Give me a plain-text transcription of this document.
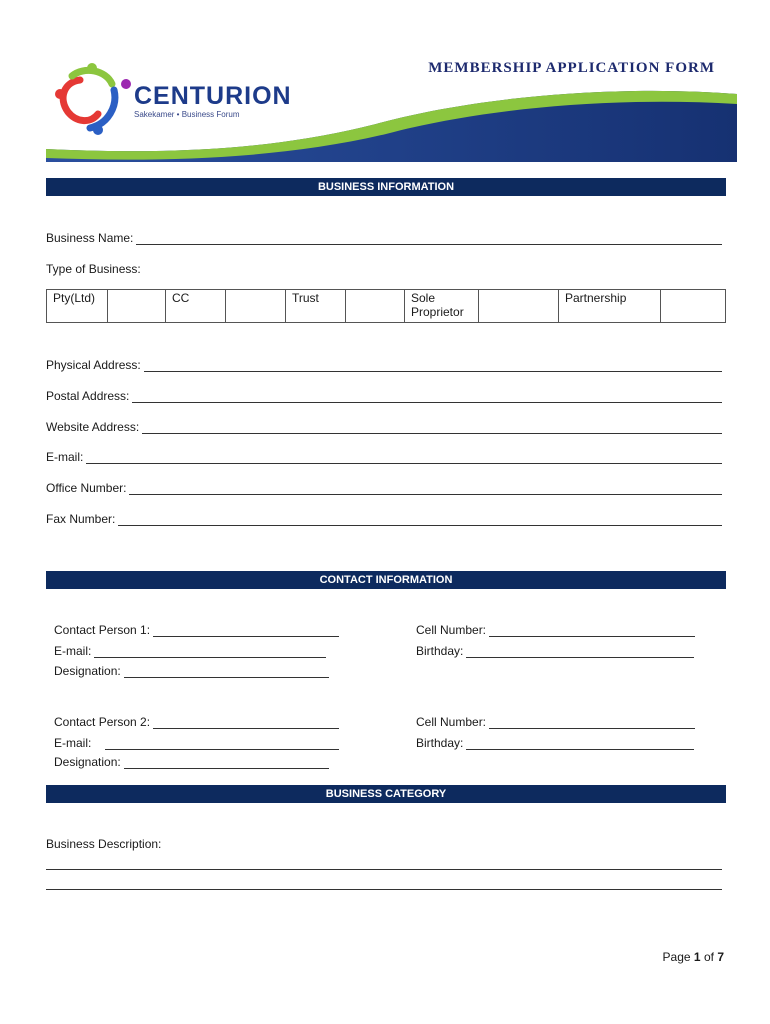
CENTURION
Sakekamer • Business Forum
MEMBERSHIP APPLICATION FORM
BUSINESS INFORMATION
Business Name:
Type of Business:
Pty(Ltd)		CC		Trust		Sole Proprietor		Partnership	
Physical Address:
Postal Address:
Website Address:
E-mail:
Office Number:
Fax Number:
CONTACT INFORMATION
Contact Person 1:
E-mail:
Designation:
Cell Number:
Birthday:
Contact Person 2:
E-mail:
Designation:
Cell Number:
Birthday:
BUSINESS CATEGORY
Business Description:
Page 1 of 7
